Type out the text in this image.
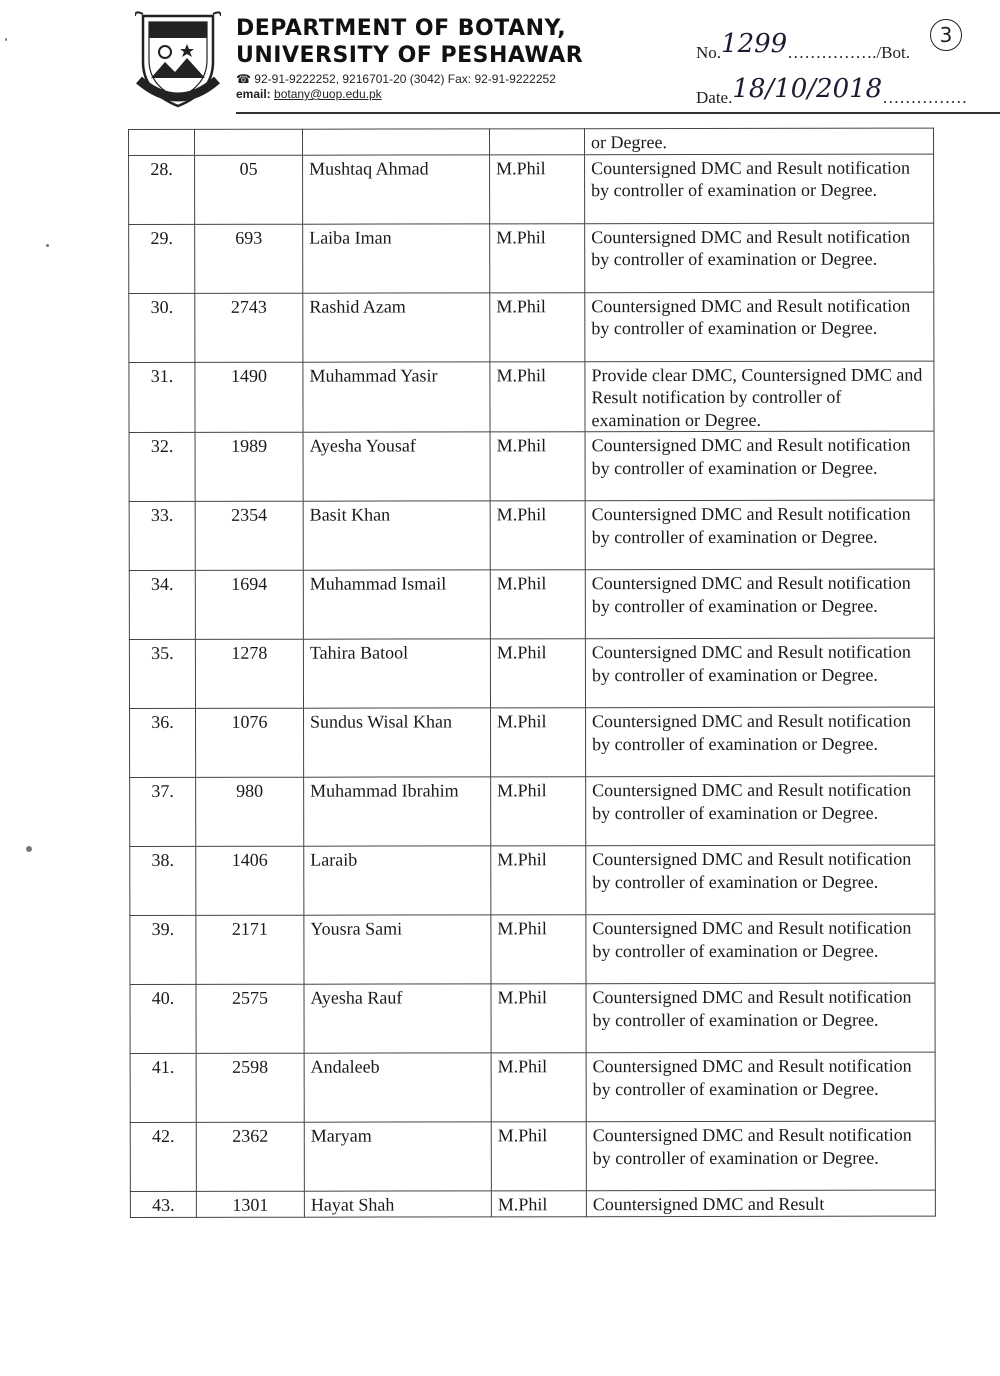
DEPARTMENT OF BOTANY,
UNIVERSITY OF PESHAWAR
☎ 92-91-9222252, 9216701-20 (3042) Fax: 92-91-9222252
email: botany@uop.edu.pk
No.1299……………./Bot.
Date.18/10/2018……………
3
				or Degree.
28.	05	Mushtaq Ahmad	M.Phil	Countersigned DMC and Result notification by controller of examination or Degree.
29.	693	Laiba Iman	M.Phil	Countersigned DMC and Result notification by controller of examination or Degree.
30.	2743	Rashid Azam	M.Phil	Countersigned DMC and Result notification by controller of examination or Degree.
31.	1490	Muhammad Yasir	M.Phil	Provide clear DMC, Countersigned DMC and Result notification by controller of examination or Degree.
32.	1989	Ayesha Yousaf	M.Phil	Countersigned DMC and Result notification by controller of examination or Degree.
33.	2354	Basit Khan	M.Phil	Countersigned DMC and Result notification by controller of examination or Degree.
34.	1694	Muhammad Ismail	M.Phil	Countersigned DMC and Result notification by controller of examination or Degree.
35.	1278	Tahira Batool	M.Phil	Countersigned DMC and Result notification by controller of examination or Degree.
36.	1076	Sundus Wisal Khan	M.Phil	Countersigned DMC and Result notification by controller of examination or Degree.
37.	980	Muhammad Ibrahim	M.Phil	Countersigned DMC and Result notification by controller of examination or Degree.
38.	1406	Laraib	M.Phil	Countersigned DMC and Result notification by controller of examination or Degree.
39.	2171	Yousra Sami	M.Phil	Countersigned DMC and Result notification by controller of examination or Degree.
40.	2575	Ayesha Rauf	M.Phil	Countersigned DMC and Result notification by controller of examination or Degree.
41.	2598	Andaleeb	M.Phil	Countersigned DMC and Result notification by controller of examination or Degree.
42.	2362	Maryam	M.Phil	Countersigned DMC and Result notification by controller of examination or Degree.
43.	1301	Hayat Shah	M.Phil	Countersigned DMC and Result
